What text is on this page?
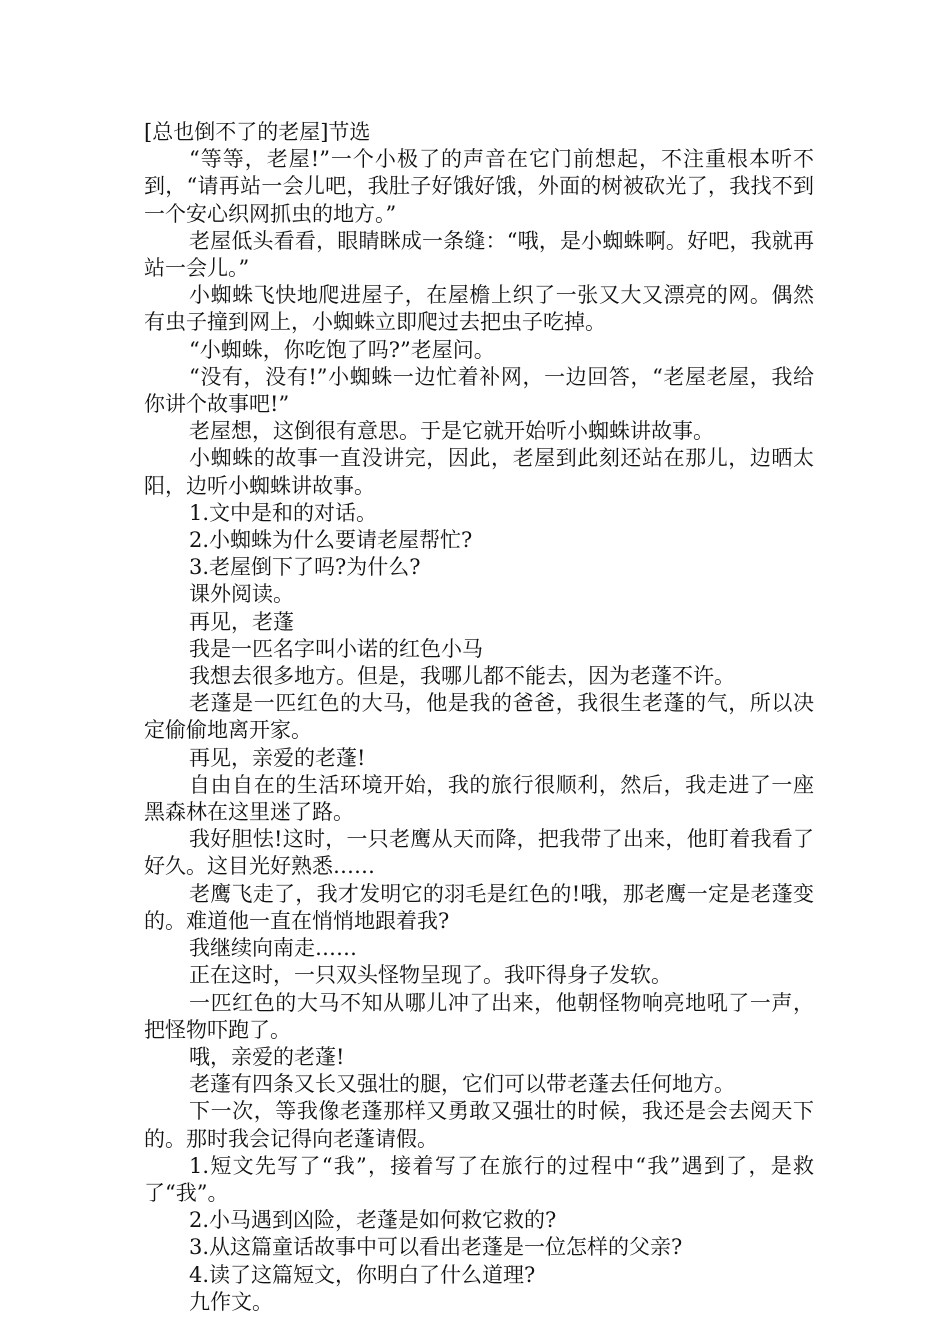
[总也倒不了的老屋]节选

“等等，老屋!”一个小极了的声音在它门前想起，不注重根本听不到，“请再站一会儿吧，我肚子好饿好饿，外面的树被砍光了，我找不到一个安心织网抓虫的地方。”

老屋低头看看，眼睛眯成一条缝：“哦，是小蜘蛛啊。好吧，我就再站一会儿。”

小蜘蛛飞快地爬进屋子，在屋檐上织了一张又大又漂亮的网。偶然有虫子撞到网上，小蜘蛛立即爬过去把虫子吃掉。

“小蜘蛛，你吃饱了吗?”老屋问。

“没有，没有!”小蜘蛛一边忙着补网，一边回答，“老屋老屋，我给你讲个故事吧!”

老屋想，这倒很有意思。于是它就开始听小蜘蛛讲故事。

小蜘蛛的故事一直没讲完，因此，老屋到此刻还站在那儿，边晒太阳，边听小蜘蛛讲故事。

1.文中是和的对话。

2.小蜘蛛为什么要请老屋帮忙?

3.老屋倒下了吗?为什么?

课外阅读。

再见，老蓬

我是一匹名字叫小诺的红色小马

我想去很多地方。但是，我哪儿都不能去，因为老蓬不许。

老蓬是一匹红色的大马，他是我的爸爸，我很生老蓬的气，所以决定偷偷地离开家。

再见，亲爱的老蓬!

自由自在的生活环境开始，我的旅行很顺利，然后，我走进了一座黑森林在这里迷了路。

我好胆怯!这时，一只老鹰从天而降，把我带了出来，他盯着我看了好久。这目光好熟悉……

老鹰飞走了，我才发明它的羽毛是红色的!哦，那老鹰一定是老蓬变的。难道他一直在悄悄地跟着我?

我继续向南走……

正在这时，一只双头怪物呈现了。我吓得身子发软。

一匹红色的大马不知从哪儿冲了出来，他朝怪物响亮地吼了一声，把怪物吓跑了。

哦，亲爱的老蓬!

老蓬有四条又长又强壮的腿，它们可以带老蓬去任何地方。

下一次，等我像老蓬那样又勇敢又强壮的时候，我还是会去阅天下的。那时我会记得向老蓬请假。

1.短文先写了“我”，接着写了在旅行的过程中“我”遇到了，是救了“我”。

2.小马遇到凶险，老蓬是如何救它救的?

3.从这篇童话故事中可以看出老蓬是一位怎样的父亲?

4.读了这篇短文，你明白了什么道理?

九作文。
